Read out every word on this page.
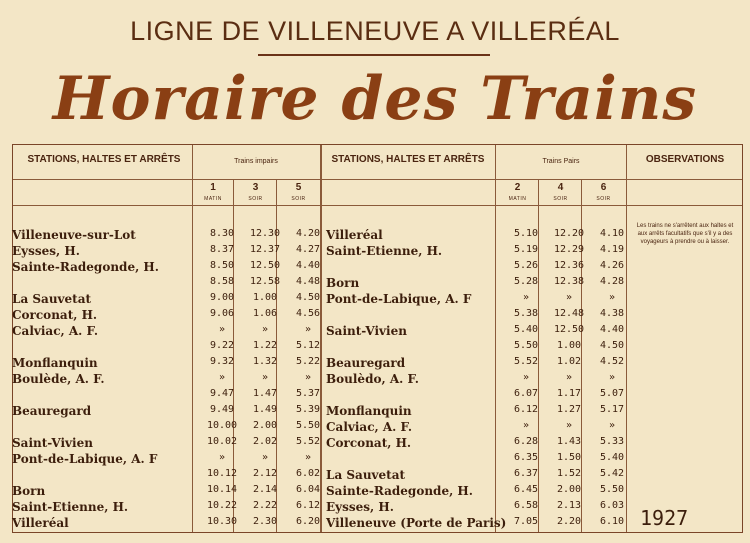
LIGNE DE VILLENEUVE A VILLERÉAL
Horaire des Trains
STATIONS, HALTES ET ARRÊTS	Trains impairs	STATIONS, HALTES ET ARRÊTS	Trains Pairs	OBSERVATIONS
1	3	5	2	4	6
MATIN	SOIR	SOIR	MATIN	SOIR	SOIR
Villeneuve-sur-Lot	8.30	12.30	4.20
Eysses, H.	8.37	12.37	4.27
Sainte-Radegonde, H.	8.50	12.50	4.40
8.58	12.58	4.48
La Sauvetat	9.00	1.00	4.50
Corconat, H.	9.06	1.06	4.56
Calviac, A. F.	»	»	»
9.22	1.22	5.12
Monflanquin	9.32	1.32	5.22
Boulède, A. F.	»	»	»
9.47	1.47	5.37
Beauregard	9.49	1.49	5.39
10.00	2.00	5.50
Saint-Vivien	10.02	2.02	5.52
Pont-de-Labique, A. F	»	»	»
10.12	2.12	6.02
Born	10.14	2.14	6.04
Saint-Etienne, H.	10.22	2.22	6.12
Villeréal	10.30	2.30	6.20
Villeréal	5.10	12.20	4.10
Saint-Etienne, H.	5.19	12.29	4.19
5.26	12.36	4.26
Born	5.28	12.38	4.28
Pont-de-Labique, A. F	»	»	»
5.38	12.48	4.38
Saint-Vivien	5.40	12.50	4.40
5.50	1.00	4.50
Beauregard	5.52	1.02	4.52
Boulèdo, A. F.	»	»	»
6.07	1.17	5.07
Monflanquin	6.12	1.27	5.17
Calviac, A. F.	»	»	»
Corconat, H.	6.28	1.43	5.33
6.35	1.50	5.40
La Sauvetat	6.37	1.52	5.42
Sainte-Radegonde, H.	6.45	2.00	5.50
Eysses, H.	6.58	2.13	6.03
Villeneuve (Porte de Paris) 7.05	2.20	6.10
Les trains ne s'arrêtent aux haltes et aux arrêts facultatifs que s'il y a des voyageurs à prendre ou à laisser.
1927
